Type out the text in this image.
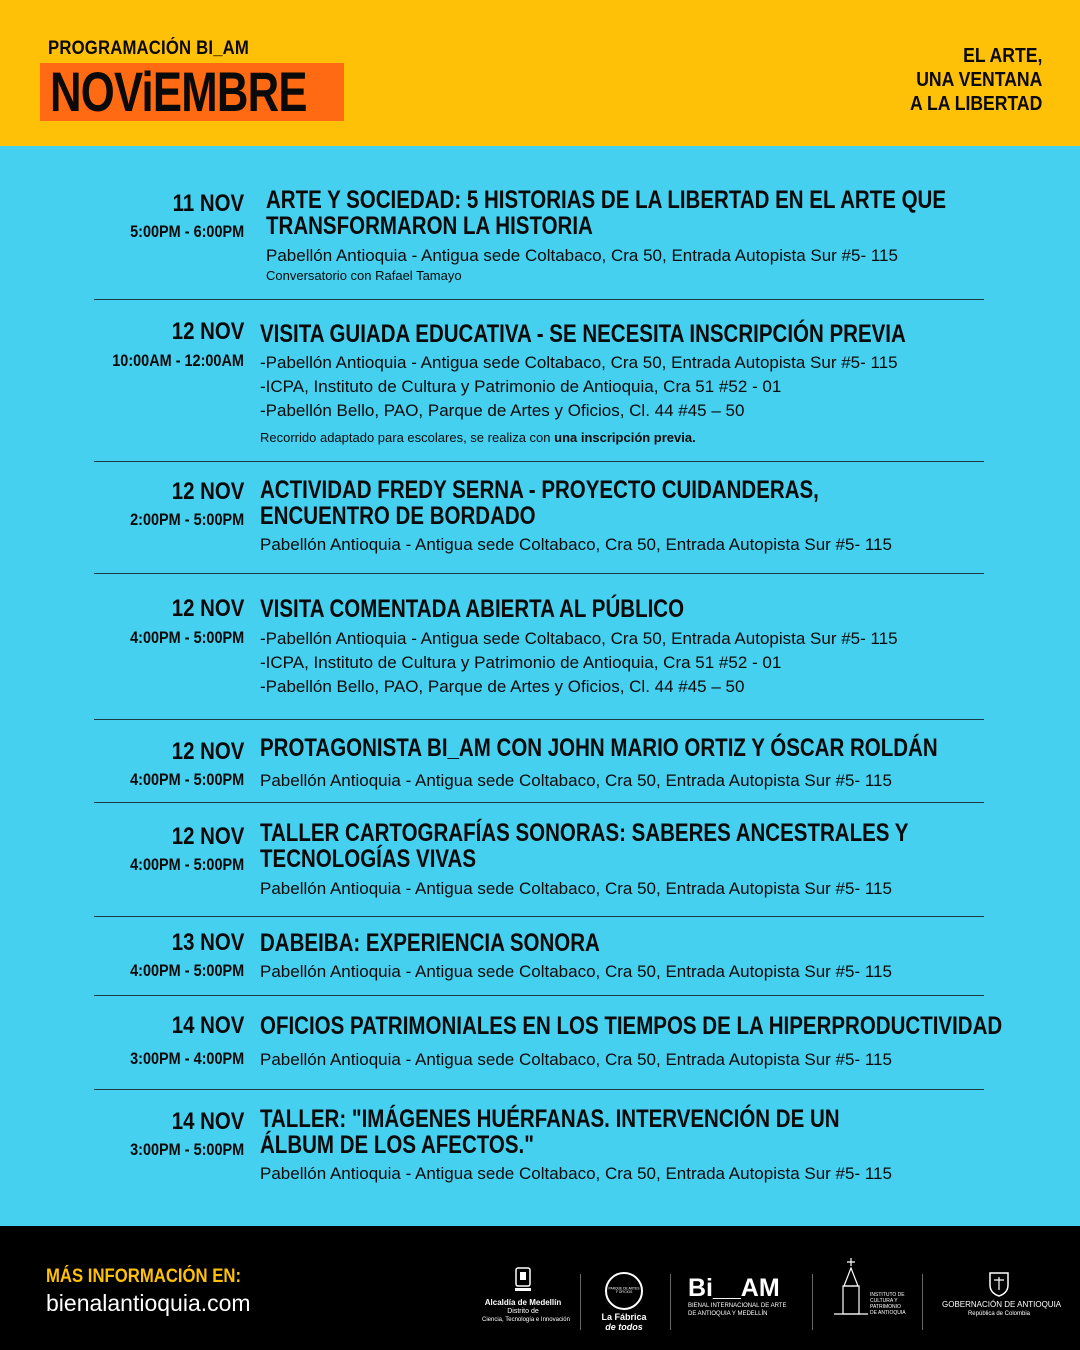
PROGRAMACIÓN BI_AM
NOViEMBRE
EL ARTE,
UNA VENTANA
A LA LIBERTAD
11 NOV
5:00PM - 6:00PM
ARTE Y SOCIEDAD: 5 HISTORIAS DE LA LIBERTAD EN EL ARTE QUE
TRANSFORMARON LA HISTORIA
Pabellón Antioquia - Antigua sede Coltabaco, Cra 50, Entrada Autopista Sur #5- 115
Conversatorio con Rafael Tamayo
12 NOV
10:00AM - 12:00AM
VISITA GUIADA EDUCATIVA - SE NECESITA INSCRIPCIÓN PREVIA
-Pabellón Antioquia - Antigua sede Coltabaco, Cra 50, Entrada Autopista Sur #5- 115
-ICPA, Instituto de Cultura y Patrimonio de Antioquia, Cra 51 #52 - 01
-Pabellón Bello, PAO, Parque de Artes y Oficios, Cl. 44 #45 – 50
Recorrido adaptado para escolares, se realiza con una inscripción previa.
12 NOV
2:00PM - 5:00PM
ACTIVIDAD FREDY SERNA - PROYECTO CUIDANDERAS,
ENCUENTRO DE BORDADO
Pabellón Antioquia - Antigua sede Coltabaco, Cra 50, Entrada Autopista Sur #5- 115
12 NOV
4:00PM - 5:00PM
VISITA COMENTADA ABIERTA AL PÚBLICO
-Pabellón Antioquia - Antigua sede Coltabaco, Cra 50, Entrada Autopista Sur #5- 115
-ICPA, Instituto de Cultura y Patrimonio de Antioquia, Cra 51 #52 - 01
-Pabellón Bello, PAO, Parque de Artes y Oficios, Cl. 44 #45 – 50
12 NOV
4:00PM - 5:00PM
PROTAGONISTA BI_AM CON JOHN MARIO ORTIZ Y ÓSCAR ROLDÁN
Pabellón Antioquia - Antigua sede Coltabaco, Cra 50, Entrada Autopista Sur #5- 115
12 NOV
4:00PM - 5:00PM
TALLER CARTOGRAFÍAS SONORAS: SABERES ANCESTRALES Y
TECNOLOGÍAS VIVAS
Pabellón Antioquia - Antigua sede Coltabaco, Cra 50, Entrada Autopista Sur #5- 115
13 NOV
4:00PM - 5:00PM
DABEIBA: EXPERIENCIA SONORA
Pabellón Antioquia - Antigua sede Coltabaco, Cra 50, Entrada Autopista Sur #5- 115
14 NOV
3:00PM - 4:00PM
OFICIOS PATRIMONIALES EN LOS TIEMPOS DE LA HIPERPRODUCTIVIDAD
Pabellón Antioquia - Antigua sede Coltabaco, Cra 50, Entrada Autopista Sur #5- 115
14 NOV
3:00PM - 5:00PM
TALLER: "IMÁGENES HUÉRFANAS. INTERVENCIÓN DE UN
ÁLBUM DE LOS AFECTOS."
Pabellón Antioquia - Antigua sede Coltabaco, Cra 50, Entrada Autopista Sur #5- 115
MÁS INFORMACIÓN EN:
bienalantioquia.com	Alcaldía de Medellín
Distrito de
Ciencia, Tecnología e Innovación
PARQUE DE ARTES Y OFICIOS
La Fábrica
de todos
Bi__AM
BIENAL INTERNACIONAL DE ARTE
DE ANTIOQUIA Y MEDELLÍN
INSTITUTO DE
CULTURA Y
PATRIMONIO
DE ANTIOQUIA
GOBERNACIÓN DE ANTIOQUIA
República de Colombia
